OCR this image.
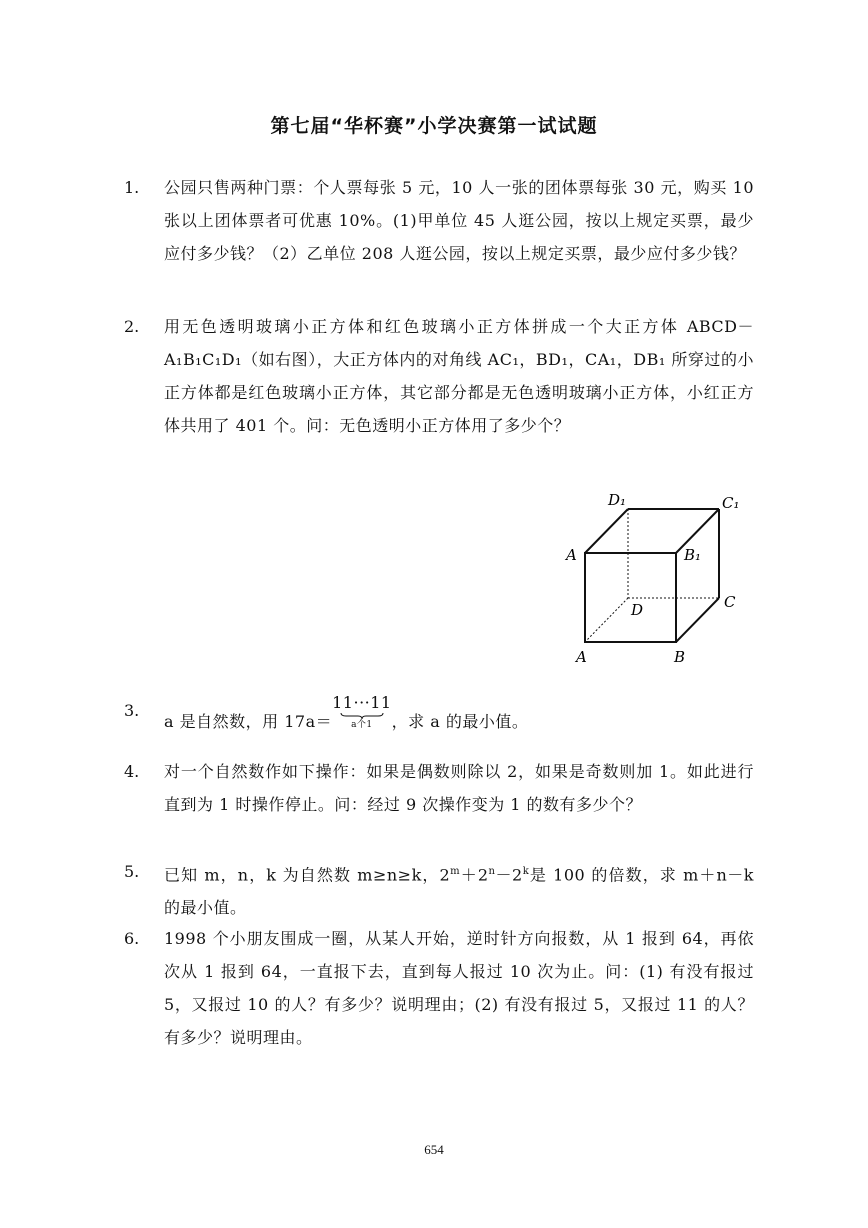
第七届“华杯赛”小学决赛第一试试题
1.	公园只售两种门票：个人票每张 5 元，10 人一张的团体票每张 30 元，购买 10 张以上团体票者可优惠 10%。(1)甲单位 45 人逛公园，按以上规定买票，最少应付多少钱？（2）乙单位 208 人逛公园，按以上规定买票，最少应付多少钱？
2.	用无色透明玻璃小正方体和红色玻璃小正方体拼成一个大正方体 ABCD－A₁B₁C₁D₁（如右图），大正方体内的对角线 AC₁，BD₁，CA₁，DB₁ 所穿过的小正方体都是红色玻璃小正方体，其它部分都是无色透明玻璃小正方体，小红正方体共用了 401 个。问：无色透明小正方体用了多少个？
D₁	C₁
A	B₁
C
D
A	B
3.
a 是自然数，用 17a＝
11···11
a个1	，求 a 的最小值。
4.	对一个自然数作如下操作：如果是偶数则除以 2，如果是奇数则加 1。如此进行直到为 1 时操作停止。问：经过 9 次操作变为 1 的数有多少个？
5.	已知 m，n，k 为自然数 m≥n≥k，$2^m+2^n-2^k$是 100 的倍数，求 m＋n－k 的最小值。
6.	1998 个小朋友围成一圈，从某人开始，逆时针方向报数，从 1 报到 64，再依次从 1 报到 64，一直报下去，直到每人报过 10 次为止。问：(1) 有没有报过 5，又报过 10 的人？有多少？说明理由；(2) 有没有报过 5，又报过 11 的人？有多少？说明理由。
654
